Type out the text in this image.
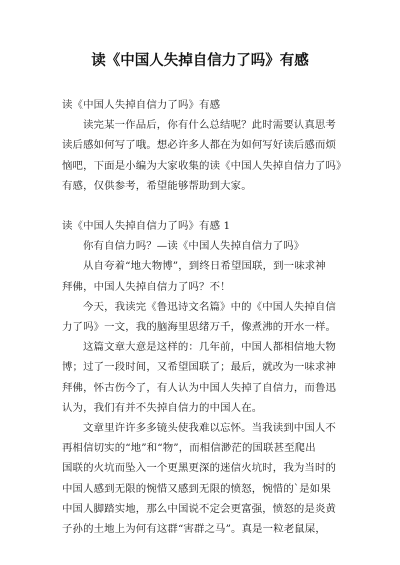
读《中国人失掉自信力了吗》有感

读《中国人失掉自信力了吗》有感

读完某一作品后，你有什么总结呢？此时需要认真思考
读后感如何写了哦。想必许多人都在为如何写好读后感而烦
恼吧，下面是小编为大家收集的读《中国人失掉自信力了吗》
有感，仅供参考，希望能够帮助到大家。

读《中国人失掉自信力了吗》有感 1

你有自信力吗？—读《中国人失掉自信力了吗》

从自夸着“地大物博”，到终日希望国联，到一味求神
拜佛，中国人失掉自信力了吗？不！

今天，我读完《鲁迅诗文名篇》中的《中国人失掉自信
力了吗》一文，我的脑海里思绪万千，像煮沸的开水一样。

这篇文章大意是这样的：几年前，中国人都相信地大物
博；过了一段时间，又希望国联了；最后，就改为一味求神
拜佛，怀古伤今了，有人认为中国人失掉了自信力，而鲁迅
认为，我们有并不失掉自信力的中国人在。

文章里许许多多镜头使我难以忘怀。当我读到中国人不
再相信切实的“地”和“物”，而相信渺茫的国联甚至爬出
国联的火坑而坠入一个更黑更深的迷信火坑时，我为当时的
中国人感到无限的惋惜又感到无限的愤怒，惋惜的`是如果
中国人脚踏实地，那么中国说不定会更富强，愤怒的是炎黄
子孙的土地上为何有这群“害群之马”。真是一粒老鼠屎，
